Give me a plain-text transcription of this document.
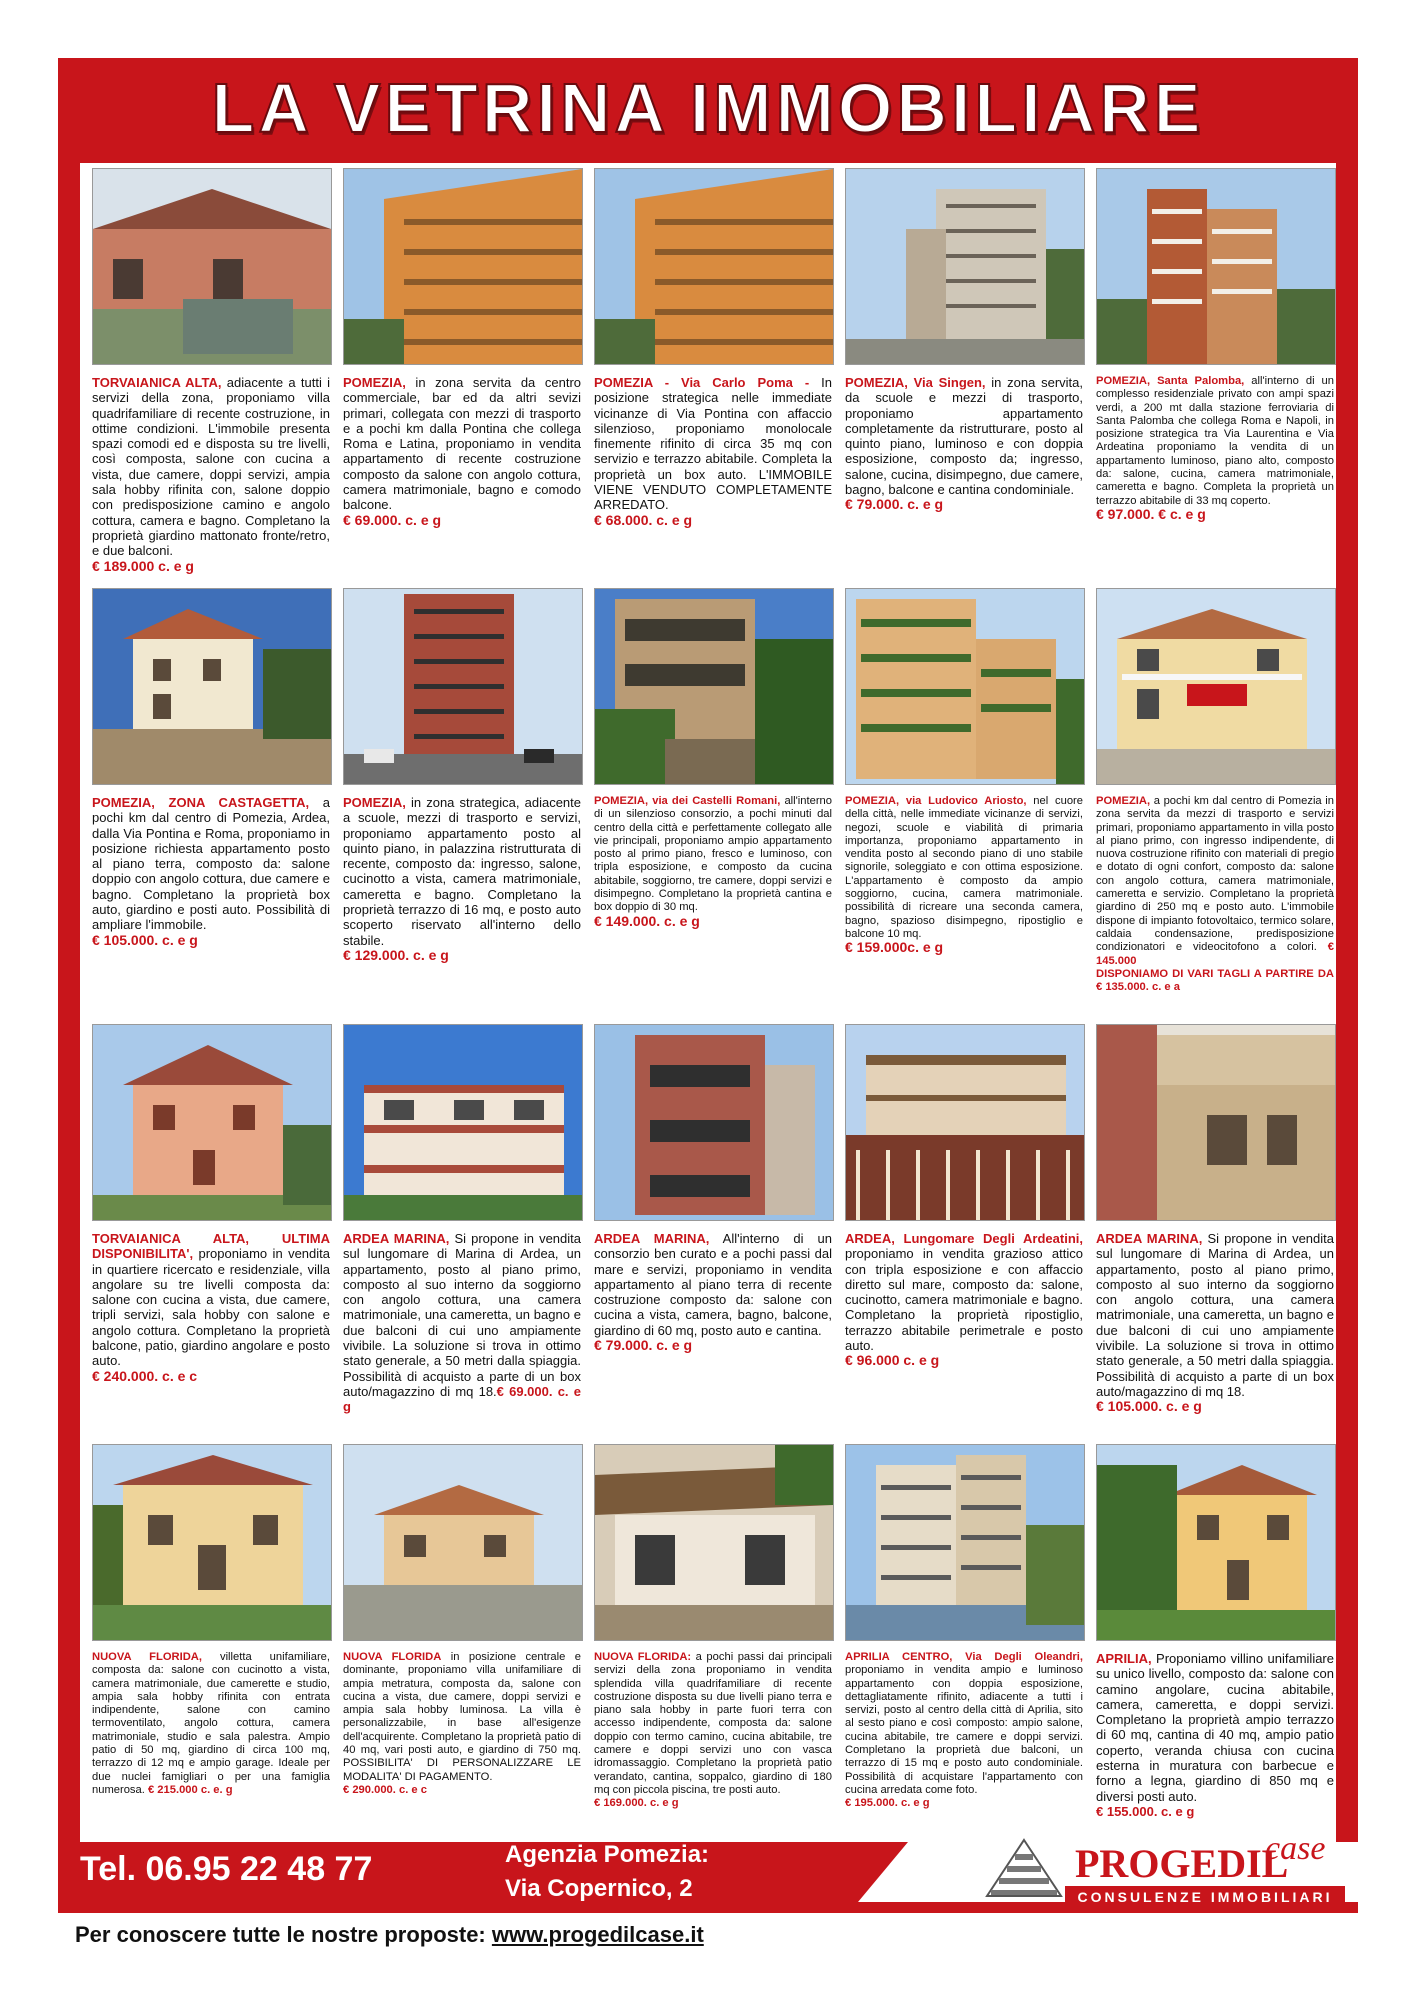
LA VETRINA IMMOBILIARE
TORVAIANICA ALTA, adiacente a tutti i servizi della zona, proponiamo villa quadrifamiliare di recente costruzione, in ottime condizioni. L'immobile presenta spazi comodi ed e disposta su tre livelli, così composta, salone con cucina a vista, due camere, doppi servizi, ampia sala hobby rifinita con, salone doppio con predisposizione camino e angolo cottura, camera e bagno. Completano la proprietà giardino mattonato fronte/retro, e due balconi.
€ 189.000 c. e g
POMEZIA, in zona servita da centro commerciale, bar ed da altri sevizi primari, collegata con mezzi di trasporto e a pochi km dalla Pontina che collega Roma e Latina, proponiamo in vendita appartamento di recente costruzione composto da salone con angolo cottura, camera matrimoniale, bagno e comodo balcone.
€ 69.000. c. e g
POMEZIA - Via Carlo Poma - In posizione strategica nelle immediate vicinanze di Via Pontina con affaccio silenzioso, proponiamo monolocale finemente rifinito di circa 35 mq con servizio e terrazzo abitabile. Completa la proprietà un box auto. L'IMMOBILE VIENE VENDUTO COMPLETAMENTE ARREDATO.
€ 68.000. c. e g
POMEZIA, Via Singen, in zona servita, da scuole e mezzi di trasporto, proponiamo appartamento completamente da ristrutturare, posto al quinto piano, luminoso e con doppia esposizione, composto da; ingresso, salone, cucina, disimpegno, due camere, bagno, balcone e cantina condominiale.
€ 79.000. c. e g
POMEZIA, Santa Palomba, all'interno di un complesso residenziale privato con ampi spazi verdi, a 200 mt dalla stazione ferroviaria di Santa Palomba che collega Roma e Napoli, in posizione strategica tra Via Laurentina e Via Ardeatina proponiamo la vendita di un appartamento luminoso, piano alto, composto da: salone, cucina, camera matrimoniale, cameretta e bagno. Completa la proprietà un terrazzo abitabile di 33 mq coperto.
€ 97.000. € c. e g
POMEZIA, ZONA CASTAGETTA, a pochi km dal centro di Pomezia, Ardea, dalla Via Pontina e Roma, proponiamo in posizione richiesta appartamento posto al piano terra, composto da: salone doppio con angolo cottura, due camere e bagno. Completano la proprietà box auto, giardino e posti auto. Possibilità di ampliare l'immobile.
€ 105.000. c. e g
POMEZIA, in zona strategica, adiacente a scuole, mezzi di trasporto e servizi, proponiamo appartamento posto al quinto piano, in palazzina ristrutturata di recente, composto da: ingresso, salone, cucinotto a vista, camera matrimoniale, cameretta e bagno. Completano la proprietà terrazzo di 16 mq, e posto auto scoperto riservato all'interno dello stabile.
€ 129.000. c. e g
POMEZIA, via dei Castelli Romani, all'interno di un silenzioso consorzio, a pochi minuti dal centro della città e perfettamente collegato alle vie principali, proponiamo ampio appartamento posto al primo piano, fresco e luminoso, con tripla esposizione, e composto da cucina abitabile, soggiorno, tre camere, doppi servizi e disimpegno. Completano la proprietà cantina e box doppio di 30 mq.
€ 149.000. c. e g
POMEZIA, via Ludovico Ariosto, nel cuore della città, nelle immediate vicinanze di servizi, negozi, scuole e viabilità di primaria importanza, proponiamo appartamento in vendita posto al secondo piano di uno stabile signorile, soleggiato e con ottima esposizione. L'appartamento è composto da ampio soggiorno, cucina, camera matrimoniale. possibilità di ricreare una seconda camera, bagno, spazioso disimpegno, ripostiglio e balcone 10 mq.
€ 159.000c. e g
POMEZIA, a pochi km dal centro di Pomezia in zona servita da mezzi di trasporto e servizi primari, proponiamo appartamento in villa posto al piano primo, con ingresso indipendente, di nuova costruzione rifinito con materiali di pregio e dotato di ogni confort, composto da: salone con angolo cottura, camera matrimoniale, cameretta e servizio. Completano la proprietà giardino di 250 mq e posto auto. L'immobile dispone di impianto fotovoltaico, termico solare, caldaia condensazione, predisposizione condizionatori e videocitofono a colori. € 145.000
DISPONIAMO DI VARI TAGLI A PARTIRE DA € 135.000. c. e a
TORVAIANICA ALTA, ULTIMA DISPONIBILITA', proponiamo in vendita in quartiere ricercato e residenziale, villa angolare su tre livelli composta da: salone con cucina a vista, due camere, tripli servizi, sala hobby con salone e angolo cottura. Completano la proprietà balcone, patio, giardino angolare e posto auto.
€ 240.000. c. e c
ARDEA MARINA, Si propone in vendita sul lungomare di Marina di Ardea, un appartamento, posto al piano primo, composto al suo interno da soggiorno con angolo cottura, una camera matrimoniale, una cameretta, un bagno e due balconi di cui uno ampiamente vivibile. La soluzione si trova in ottimo stato generale, a 50 metri dalla spiaggia. Possibilità di acquisto a parte di un box auto/magazzino di mq 18.€ 69.000. c. e g
ARDEA MARINA, All'interno di un consorzio ben curato e a pochi passi dal mare e servizi, proponiamo in vendita appartamento al piano terra di recente costruzione composto da: salone con cucina a vista, camera, bagno, balcone, giardino di 60 mq, posto auto e cantina.
€ 79.000. c. e g
ARDEA, Lungomare Degli Ardeatini, proponiamo in vendita grazioso attico con tripla esposizione e con affaccio diretto sul mare, composto da: salone, cucinotto, camera matrimoniale e bagno. Completano la proprietà ripostiglio, terrazzo abitabile perimetrale e posto auto.
€ 96.000 c. e g
ARDEA MARINA, Si propone in vendita sul lungomare di Marina di Ardea, un appartamento, posto al piano primo, composto al suo interno da soggiorno con angolo cottura, una camera matrimoniale, una cameretta, un bagno e due balconi di cui uno ampiamente vivibile. La soluzione si trova in ottimo stato generale, a 50 metri dalla spiaggia. Possibilità di acquisto a parte di un box auto/magazzino di mq 18.
€ 105.000. c. e g
NUOVA FLORIDA, villetta unifamiliare, composta da: salone con cucinotto a vista, camera matrimoniale, due camerette e studio, ampia sala hobby rifinita con entrata indipendente, salone con camino termoventilato, angolo cottura, camera matrimoniale, studio e sala palestra. Ampio patio di 50 mq, giardino di circa 100 mq, terrazzo di 12 mq e ampio garage. Ideale per due nuclei famigliari o per una famiglia numerosa. € 215.000 c. e. g
NUOVA FLORIDA in posizione centrale e dominante, proponiamo villa unifamiliare di ampia metratura, composta da, salone con cucina a vista, due camere, doppi servizi e ampia sala hobby luminosa. La villa è personalizzabile, in base all'esigenze dell'acquirente. Completano la proprietà patio di 40 mq, vari posti auto, e giardino di 750 mq. POSSIBILITA' DI PERSONALIZZARE LE MODALITA' DI PAGAMENTO.
€ 290.000. c. e c
NUOVA FLORIDA: a pochi passi dai principali servizi della zona proponiamo in vendita splendida villa quadrifamiliare di recente costruzione disposta su due livelli piano terra e piano sala hobby in parte fuori terra con accesso indipendente, composta da: salone doppio con termo camino, cucina abitabile, tre camere e doppi servizi uno con vasca idromassaggio. Completano la proprietà patio verandato, cantina, soppalco, giardino di 180 mq con piccola piscina, tre posti auto.
€ 169.000. c. e g
APRILIA CENTRO, Via Degli Oleandri, proponiamo in vendita ampio e luminoso appartamento con doppia esposizione, dettagliatamente rifinito, adiacente a tutti i servizi, posto al centro della città di Aprilia, sito al sesto piano e così composto: ampio salone, cucina abitabile, tre camere e doppi servizi. Completano la proprietà due balconi, un terrazzo di 15 mq e posto auto condominiale. Possibilità di acquistare l'appartamento con cucina arredata come foto.
€ 195.000. c. e g
APRILIA, Proponiamo villino unifamiliare su unico livello, composto da: salone con camino angolare, cucina abitabile, camera, cameretta, e doppi servizi. Completano la proprietà ampio terrazzo di 60 mq, cantina di 40 mq, ampio patio coperto, veranda chiusa con cucina esterna in muratura con barbecue e forno a legna, giardino di 850 mq e diversi posti auto.
€ 155.000. c. e g
Tel. 06.95 22 48 77	Agenzia Pomezia:
Via Copernico, 2
PROGEDIL
case
CONSULENZE IMMOBILIARI
Per conoscere tutte le nostre proposte: www.progedilcase.it
